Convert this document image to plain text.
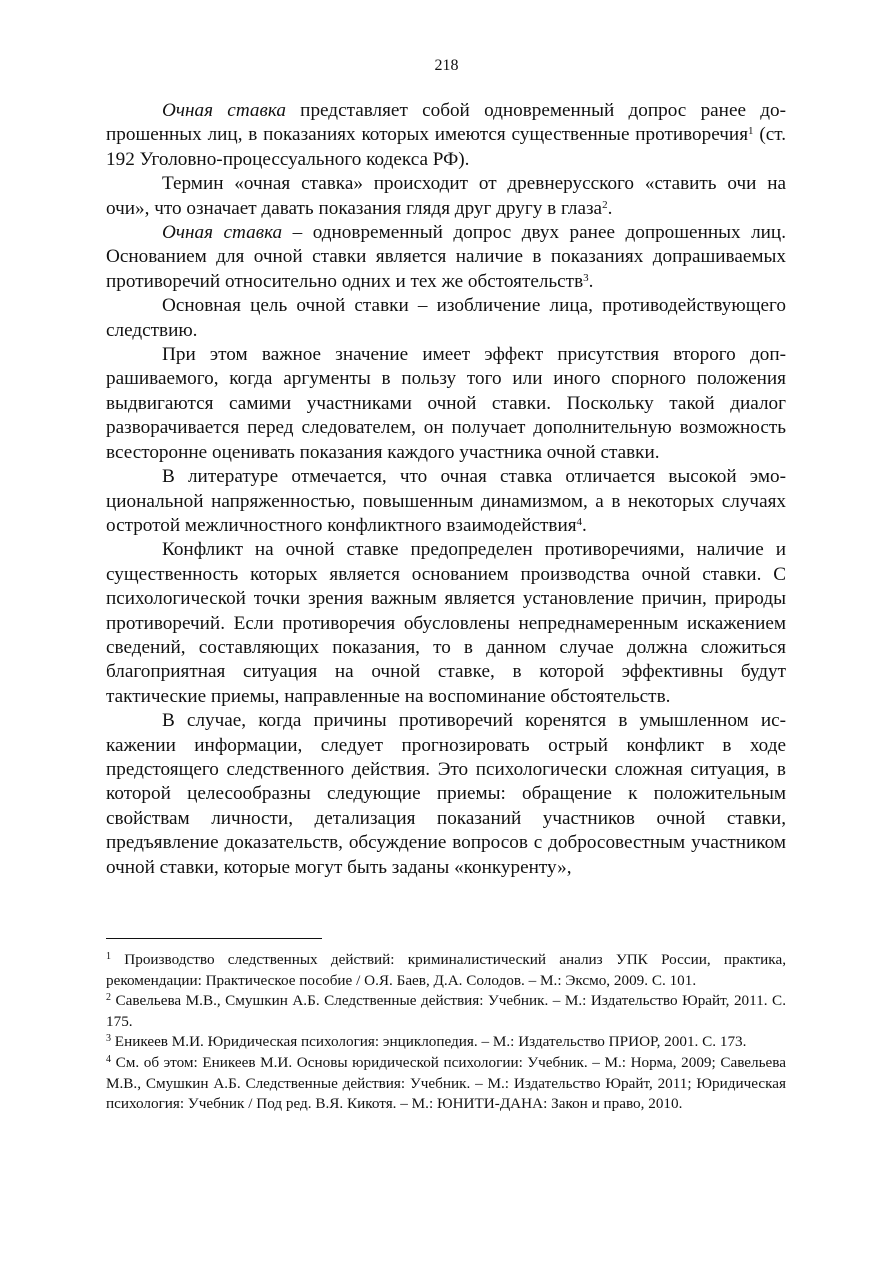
218

Очная ставка представляет собой одновременный допрос ранее допрошенных лиц, в показаниях которых имеются существенные противоречия$^1$ (ст. 192 Уголовно-процессуального кодекса РФ).

Термин «очная ставка» происходит от древнерусского «ставить очи на очи», что означает давать показания глядя друг другу в глаза$^2$.

Очная ставка – одновременный допрос двух ранее допрошенных лиц. Основанием для очной ставки является наличие в показаниях допрашиваемых противоречий относительно одних и тех же обстоятельств$^3$.

Основная цель очной ставки – изобличение лица, противодействующего следствию.

При этом важное значение имеет эффект присутствия второго допрашиваемого, когда аргументы в пользу того или иного спорного положения выдвигаются самими участниками очной ставки. Поскольку такой диалог разворачивается перед следователем, он получает дополнительную возможность всесторонне оценивать показания каждого участника очной ставки.

В литературе отмечается, что очная ставка отличается высокой эмоциональной напряженностью, повышенным динамизмом, а в некоторых случаях остротой межличностного конфликтного взаимодействия$^4$.

Конфликт на очной ставке предопределен противоречиями, наличие и существенность которых является основанием производства очной ставки. С психологической точки зрения важным является установление причин, природы противоречий. Если противоречия обусловлены непреднамеренным искажением сведений, составляющих показания, то в данном случае должна сложиться благоприятная ситуация на очной ставке, в которой эффективны будут тактические приемы, направленные на воспоминание обстоятельств.

В случае, когда причины противоречий коренятся в умышленном искажении информации, следует прогнозировать острый конфликт в ходе предстоящего следственного действия. Это психологически сложная ситуация, в которой целесообразны следующие приемы: обращение к положительным свойствам личности, детализация показаний участников очной ставки, предъявление доказательств, обсуждение вопросов с добросовестным участником очной ставки, которые могут быть заданы «конкуренту»,

$^1$ Производство следственных действий: криминалистический анализ УПК России, практика, рекомендации: Практическое пособие / О.Я. Баев, Д.А. Солодов. – М.: Эксмо, 2009. С. 101.

$^2$ Савельева М.В., Смушкин А.Б. Следственные действия: Учебник. – М.: Издательство Юрайт, 2011. С. 175.

$^3$ Еникеев М.И. Юридическая психология: энциклопедия. – М.: Издательство ПРИОР, 2001. С. 173.

$^4$ См. об этом: Еникеев М.И. Основы юридической психологии: Учебник. – М.: Норма, 2009; Савельева М.В., Смушкин А.Б. Следственные действия: Учебник. – М.: Издательство Юрайт, 2011; Юридическая психология: Учебник / Под ред. В.Я. Кикотя. – М.: ЮНИТИ-ДАНА: Закон и право, 2010.
